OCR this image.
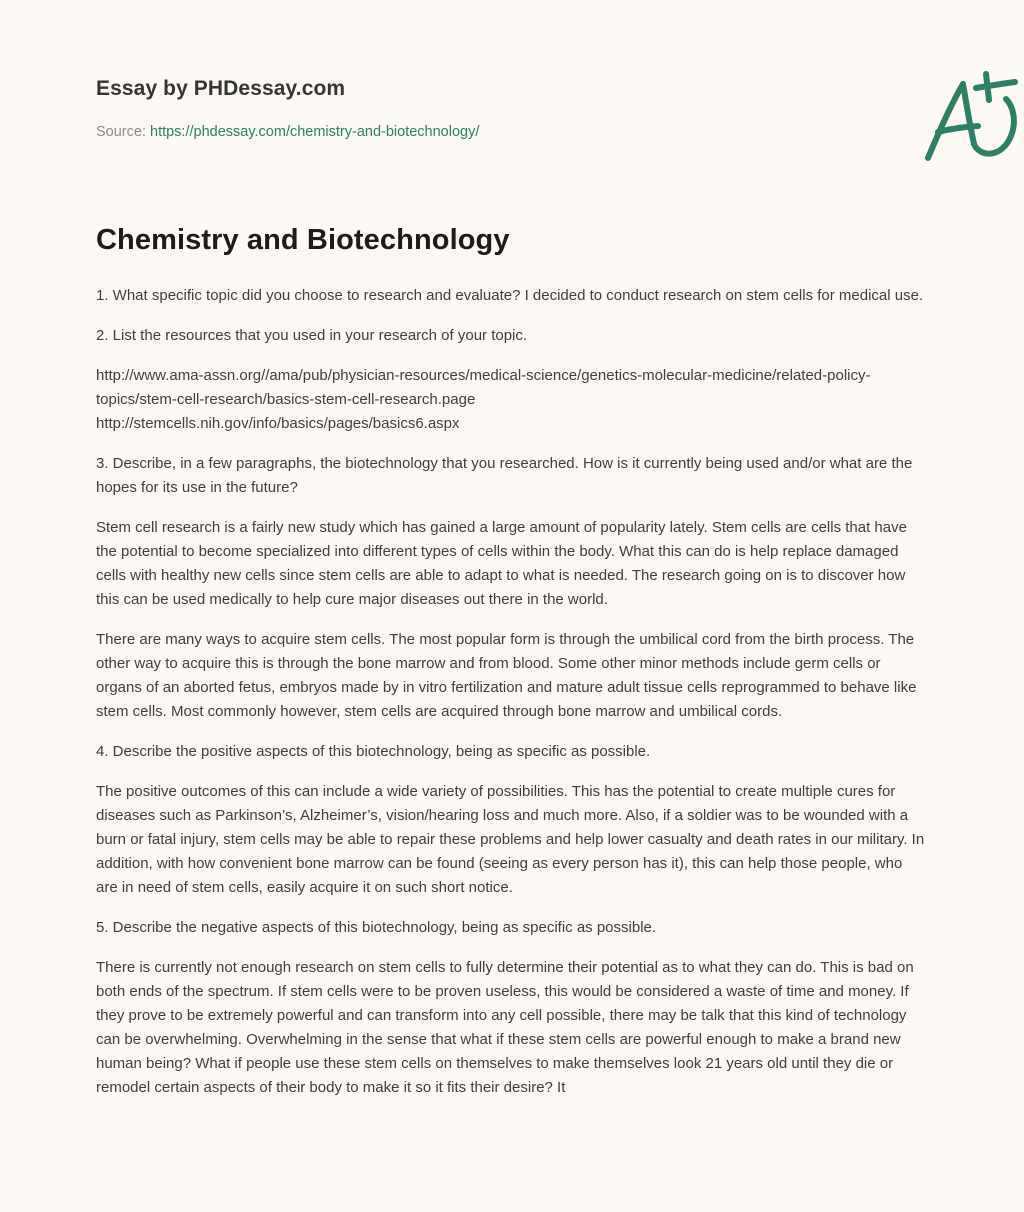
Essay by PHDessay.com
Source: https://phdessay.com/chemistry-and-biotechnology/
Chemistry and Biotechnology

1. What specific topic did you choose to research and evaluate? I decided to conduct research on stem cells for medical use.

2. List the resources that you used in your research of your topic.

http://www.ama-assn.org//ama/pub/physician-resources/medical-science/genetics-molecular-medicine/related-policy-topics/stem-cell-research/basics-stem-cell-research.page
http://stemcells.nih.gov/info/basics/pages/basics6.aspx

3. Describe, in a few paragraphs, the biotechnology that you researched. How is it currently being used and/or what are the hopes for its use in the future?

Stem cell research is a fairly new study which has gained a large amount of popularity lately. Stem cells are cells that have the potential to become specialized into different types of cells within the body. What this can do is help replace damaged cells with healthy new cells since stem cells are able to adapt to what is needed. The research going on is to discover how this can be used medically to help cure major diseases out there in the world.

There are many ways to acquire stem cells. The most popular form is through the umbilical cord from the birth process. The other way to acquire this is through the bone marrow and from blood. Some other minor methods include germ cells or organs of an aborted fetus, embryos made by in vitro fertilization and mature adult tissue cells reprogrammed to behave like stem cells. Most commonly however, stem cells are acquired through bone marrow and umbilical cords.

4. Describe the positive aspects of this biotechnology, being as specific as possible.

The positive outcomes of this can include a wide variety of possibilities. This has the potential to create multiple cures for diseases such as Parkinson’s, Alzheimer’s, vision/hearing loss and much more. Also, if a soldier was to be wounded with a burn or fatal injury, stem cells may be able to repair these problems and help lower casualty and death rates in our military. In addition, with how convenient bone marrow can be found (seeing as every person has it), this can help those people, who are in need of stem cells, easily acquire it on such short notice.

5. Describe the negative aspects of this biotechnology, being as specific as possible.

There is currently not enough research on stem cells to fully determine their potential as to what they can do. This is bad on both ends of the spectrum. If stem cells were to be proven useless, this would be considered a waste of time and money. If they prove to be extremely powerful and can transform into any cell possible, there may be talk that this kind of technology can be overwhelming. Overwhelming in the sense that what if these stem cells are powerful enough to make a brand new human being? What if people use these stem cells on themselves to make themselves look 21 years old until they die or remodel certain aspects of their body to make it so it fits their desire? It
